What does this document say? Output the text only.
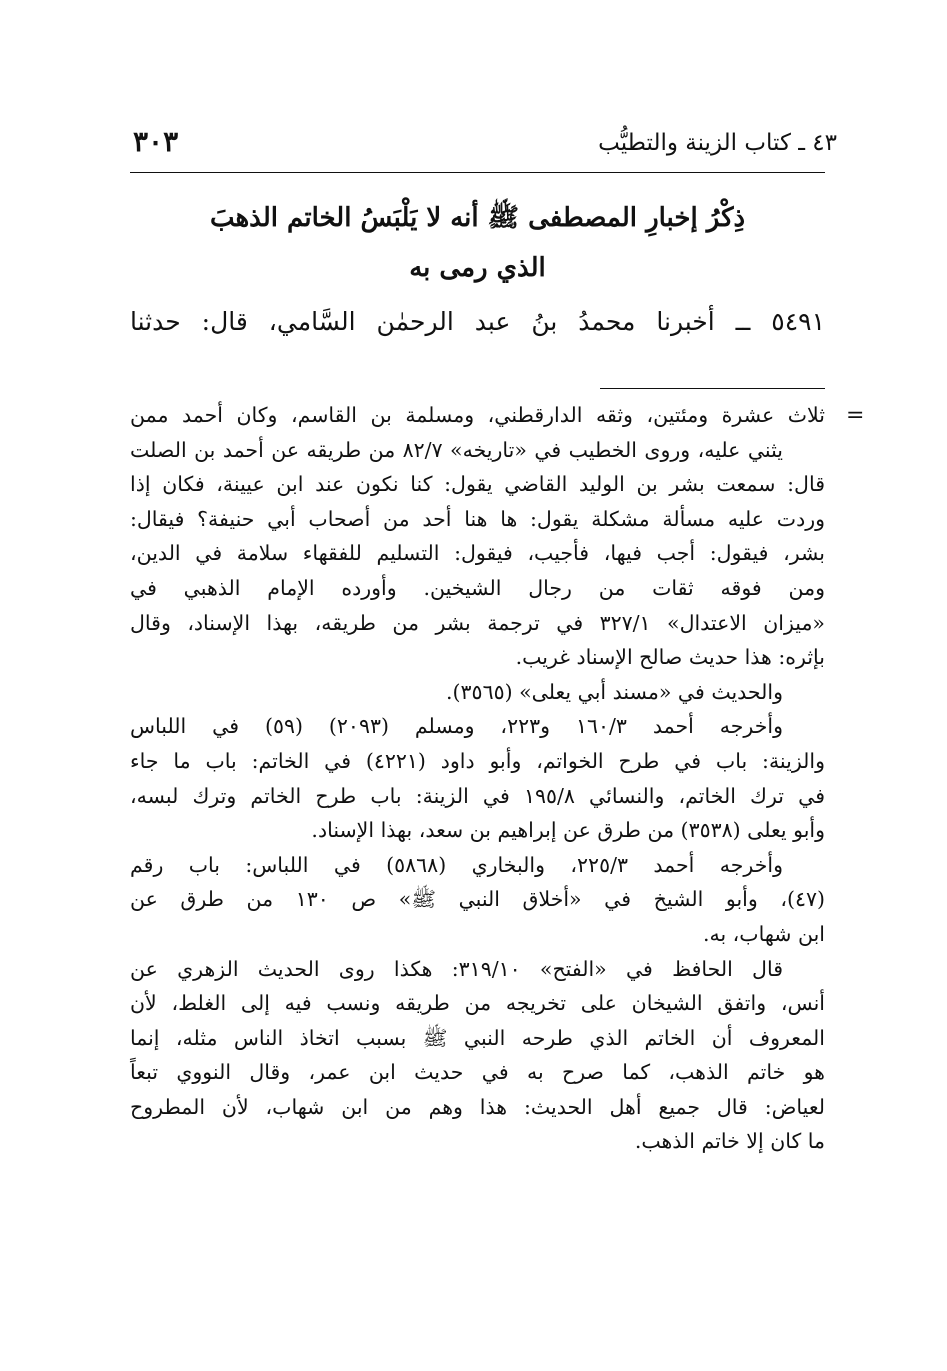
٤٣ ـ كتاب الزينة والتطيُّب
٣٠٣
ذِكْرُ إخبارِ المصطفى ﷺ أنه لا يَلْبَسُ الخاتم الذهبَ
الذي رمى به
٥٤٩١ ــ أخبرنا محمدُ بنُ عبد الرحمٰن السَّامي، قال: حدثنا
=
ثلاث عشرة ومئتين، وثقه الدارقطني، ومسلمة بن القاسم، وكان أحمد ممن
يثني عليه، وروى الخطيب في «تاريخه» ٨٢/٧ من طريقه عن أحمد بن الصلت
قال: سمعت بشر بن الوليد القاضي يقول: كنا نكون عند ابن عيينة، فكان إذا
وردت عليه مسألة مشكلة يقول: ها هنا أحد من أصحاب أبي حنيفة؟ فيقال:
بشر، فيقول: أجب فيها، فأجيب، فيقول: التسليم للفقهاء سلامة في الدين،
ومن فوقه ثقات من رجال الشيخين. وأورده الإمام الذهبي في
«ميزان الاعتدال» ٣٢٧/١ في ترجمة بشر من طريقه، بهذا الإسناد، وقال
بإثره: هذا حديث صالح الإسناد غريب.
والحديث في «مسند أبي يعلى» (٣٥٦٥).
وأخرجه أحمد ١٦٠/٣ و٢٢٣، ومسلم (٢٠٩٣) (٥٩) في اللباس
والزينة: باب في طرح الخواتم، وأبو داود (٤٢٢١) في الخاتم: باب ما جاء
في ترك الخاتم، والنسائي ١٩٥/٨ في الزينة: باب طرح الخاتم وترك لبسه،
وأبو يعلى (٣٥٣٨) من طرق عن إبراهيم بن سعد، بهذا الإسناد.
وأخرجه أحمد ٢٢٥/٣، والبخاري (٥٨٦٨) في اللباس: باب رقم
(٤٧)، وأبو الشيخ في «أخلاق النبي ﷺ» ص ١٣٠ من طرق عن
ابن شهاب، به.
قال الحافظ في «الفتح» ٣١٩/١٠: هكذا روى الحديث الزهري عن
أنس، واتفق الشيخان على تخريجه من طريقه ونسب فيه إلى الغلط، لأن
المعروف أن الخاتم الذي طرحه النبي ﷺ بسبب اتخاذ الناس مثله، إنما
هو خاتم الذهب، كما صرح به في حديث ابن عمر، وقال النووي تبعاً
لعياض: قال جميع أهل الحديث: هذا وهم من ابن شهاب، لأن المطروح
ما كان إلا خاتم الذهب.
